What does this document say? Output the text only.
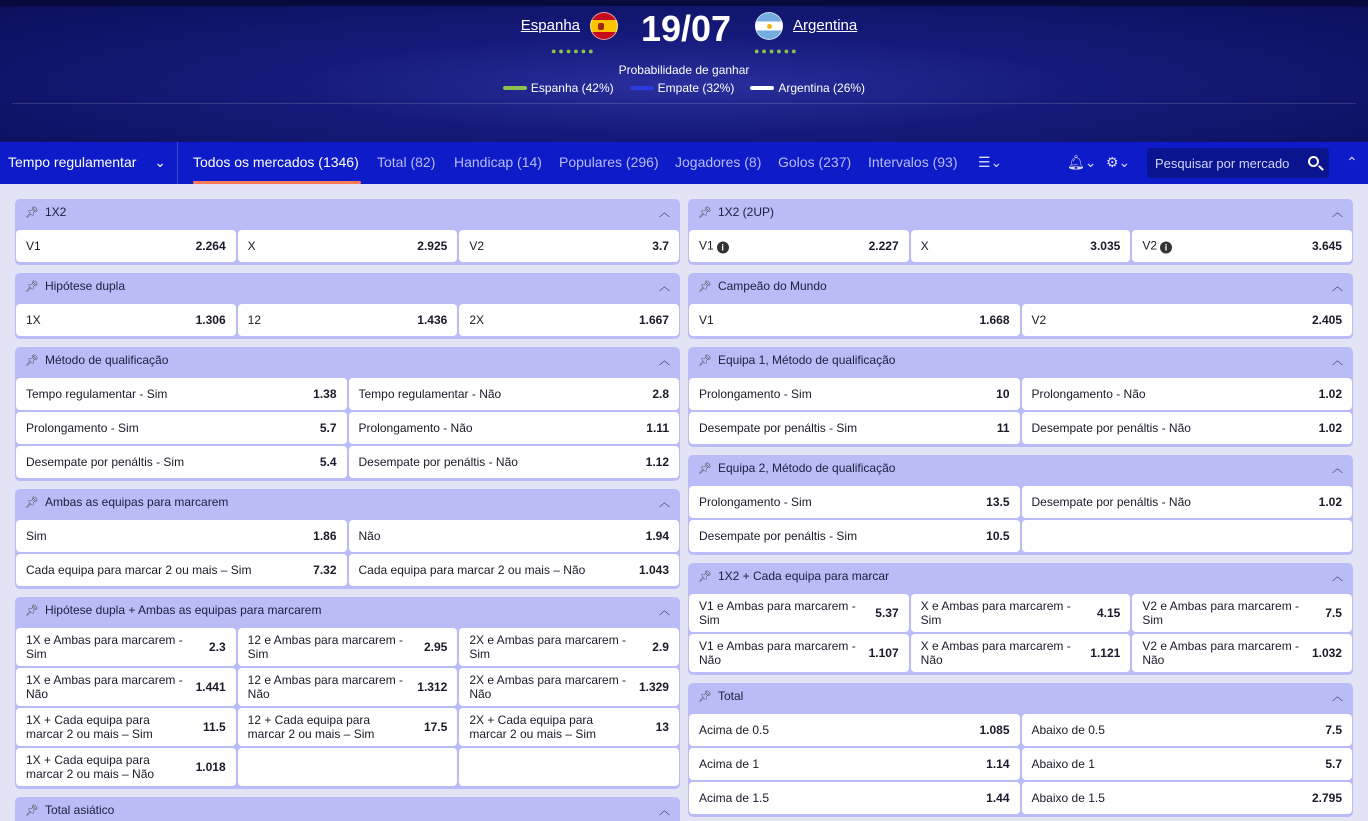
Espanha 19/07	Argentina
●●●●●●	●●●●●●
Probabilidade de ganhar
Espanha (42%)	Empate (32%)	Argentina (26%)
Tempo regulamentar ⌄ Todos os mercados (1346) Total (82) Handicap (14) Populares (296) Jogadores (8) Golos (237) Intervalos (93) ☰⌄	🔔︎⌄ ⚙⌄	Pesquisar por mercado	⌃
📌︎ 1X2	︿
V1	2.264 X	2.925 V2	3.7
📌︎ Hipótese dupla	︿
1X	1.306 12	1.436 2X	1.667
📌︎ Método de qualificação	︿
Tempo regulamentar - Sim	1.38 Tempo regulamentar - Não	2.8
Prolongamento - Sim	5.7 Prolongamento - Não	1.11
Desempate por penáltis - Sim	5.4 Desempate por penáltis - Não	1.12
📌︎ Ambas as equipas para marcarem	︿
Sim	1.86 Não	1.94
Cada equipa para marcar 2 ou mais – Sim	7.32 Cada equipa para marcar 2 ou mais – Não	1.043
📌︎ Hipótese dupla + Ambas as equipas para marcarem	︿
1X e Ambas para marcarem - Sim	2.3 12 e Ambas para marcarem - Sim	2.95 2X e Ambas para marcarem - Sim	2.9
1X e Ambas para marcarem - Não	1.441 12 e Ambas para marcarem - Não	1.312 2X e Ambas para marcarem - Não	1.329
1X + Cada equipa para marcar 2 ou mais – Sim	11.5 12 + Cada equipa para marcar 2 ou mais – Sim	17.5 2X + Cada equipa para marcar 2 ou mais – Sim	13
1X + Cada equipa para marcar 2 ou mais – Não	1.018
📌︎ Total asiático	︿
📌︎ 1X2 (2UP)	︿
V1 i	2.227 X	3.035 V2 i	3.645
📌︎ Campeão do Mundo	︿
V1	1.668 V2	2.405
📌︎ Equipa 1, Método de qualificação	︿
Prolongamento - Sim	10 Prolongamento - Não	1.02
Desempate por penáltis - Sim	11 Desempate por penáltis - Não	1.02
📌︎ Equipa 2, Método de qualificação	︿
Prolongamento - Sim	13.5 Desempate por penáltis - Não	1.02
Desempate por penáltis - Sim	10.5
📌︎ 1X2 + Cada equipa para marcar	︿
V1 e Ambas para marcarem - Sim	5.37 X e Ambas para marcarem - Sim	4.15 V2 e Ambas para marcarem - Sim	7.5
V1 e Ambas para marcarem - Não	1.107 X e Ambas para marcarem - Não	1.121 V2 e Ambas para marcarem - Não	1.032
📌︎ Total	︿
Acima de 0.5	1.085 Abaixo de 0.5	7.5
Acima de 1	1.14 Abaixo de 1	5.7
Acima de 1.5	1.44 Abaixo de 1.5	2.795
